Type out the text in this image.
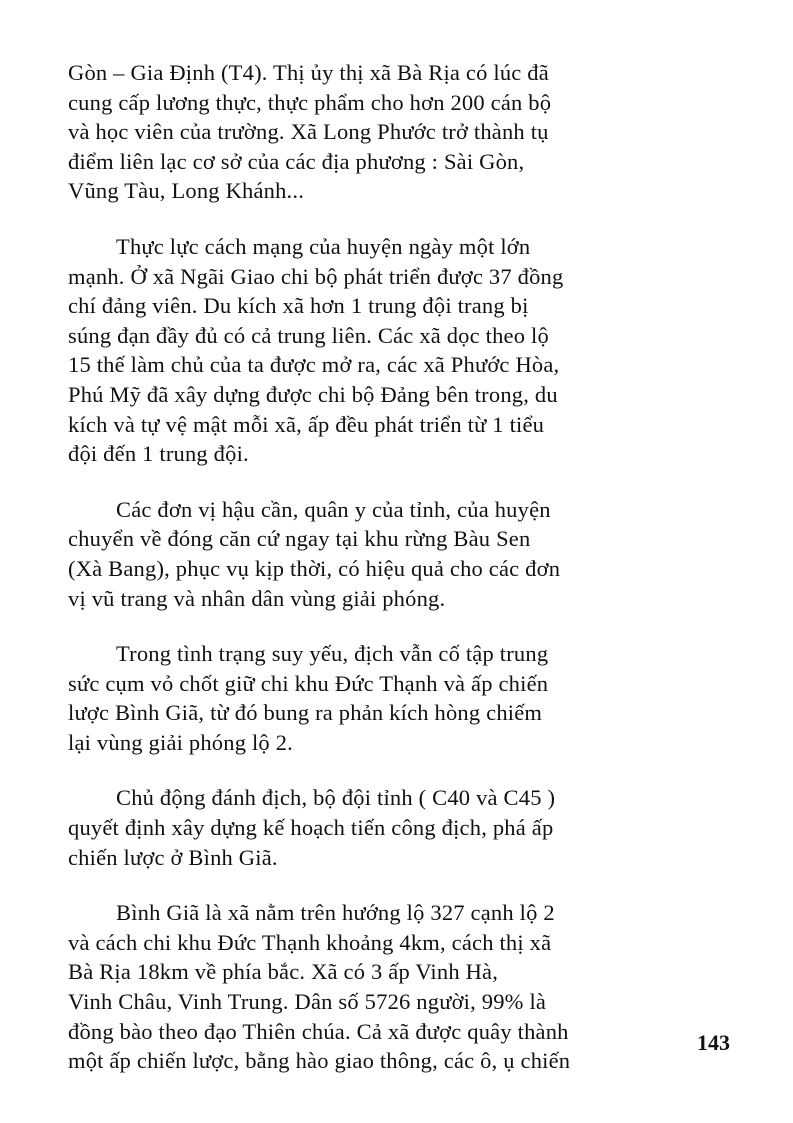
Gòn – Gia Định (T4). Thị ủy thị xã Bà Rịa có lúc đã
cung cấp lương thực, thực phẩm cho hơn 200 cán bộ
và học viên của trường. Xã Long Phước trở thành tụ
điểm liên lạc cơ sở của các địa phương : Sài Gòn,
Vũng Tàu, Long Khánh...

Thực lực cách mạng của huyện ngày một lớn
mạnh. Ở xã Ngãi Giao chi bộ phát triển được 37 đồng
chí đảng viên. Du kích xã hơn 1 trung đội trang bị
súng đạn đầy đủ có cả trung liên. Các xã dọc theo lộ
15 thế làm chủ của ta được mở ra, các xã Phước Hòa,
Phú Mỹ đã xây dựng được chi bộ Đảng bên trong, du
kích và tự vệ mật mỗi xã, ấp đều phát triển từ 1 tiểu
đội đến 1 trung đội.

Các đơn vị hậu cần, quân y của tỉnh, của huyện
chuyển về đóng căn cứ ngay tại khu rừng Bàu Sen
(Xà Bang), phục vụ kịp thời, có hiệu quả cho các đơn
vị vũ trang và nhân dân vùng giải phóng.

Trong tình trạng suy yếu, địch vẫn cố tập trung
sức cụm vỏ chốt giữ chi khu Đức Thạnh và ấp chiến
lược Bình Giã, từ đó bung ra phản kích hòng chiếm
lại vùng giải phóng lộ 2.

Chủ động đánh địch, bộ đội tỉnh ( C40 và C45 )
quyết định xây dựng kế hoạch tiến công địch, phá ấp
chiến lược ở Bình Giã.

Bình Giã là xã nằm trên hướng lộ 327 cạnh lộ 2
và cách chi khu Đức Thạnh khoảng 4km, cách thị xã
Bà Rịa 18km về phía bắc. Xã có 3 ấp Vinh Hà,
Vinh Châu, Vinh Trung. Dân số 5726 người, 99% là
đồng bào theo đạo Thiên chúa. Cả xã được quây thành
một ấp chiến lược, bằng hào giao thông, các ô, ụ chiến

143
